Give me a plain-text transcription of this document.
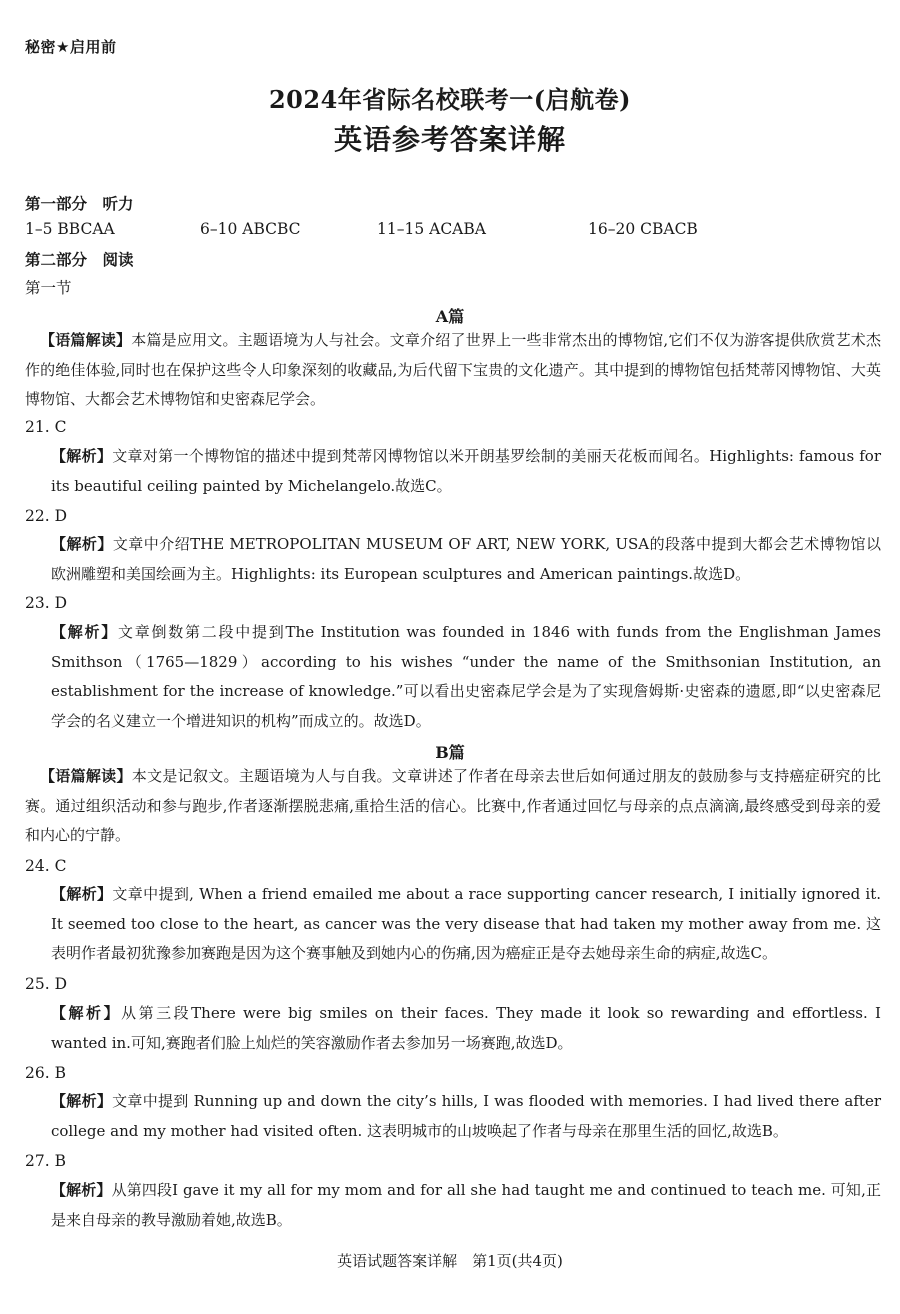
秘密★启用前
2024年省际名校联考一(启航卷)
英语参考答案详解
第一部分　听力
1–5 BBCAA	6–10 ABCBC	11–15 ACABA	16–20 CBACB
第二部分　阅读
第一节
A篇
【语篇解读】本篇是应用文。主题语境为人与社会。文章介绍了世界上一些非常杰出的博物馆,它们不仅为游客提供欣赏艺术杰作的绝佳体验,同时也在保护这些令人印象深刻的收藏品,为后代留下宝贵的文化遗产。其中提到的博物馆包括梵蒂冈博物馆、大英博物馆、大都会艺术博物馆和史密森尼学会。
21. C
【解析】文章对第一个博物馆的描述中提到梵蒂冈博物馆以米开朗基罗绘制的美丽天花板而闻名。Highlights: famous for its beautiful ceiling painted by Michelangelo.故选C。
22. D
【解析】文章中介绍THE METROPOLITAN MUSEUM OF ART, NEW YORK, USA的段落中提到大都会艺术博物馆以欧洲雕塑和美国绘画为主。Highlights: its European sculptures and American paintings.故选D。
23. D
【解析】文章倒数第二段中提到The Institution was founded in 1846 with funds from the Englishman James Smithson（1765—1829）according to his wishes “under the name of the Smithsonian Institution, an establishment for the increase of knowledge.”可以看出史密森尼学会是为了实现詹姆斯·史密森的遗愿,即“以史密森尼学会的名义建立一个增进知识的机构”而成立的。故选D。
B篇
【语篇解读】本文是记叙文。主题语境为人与自我。文章讲述了作者在母亲去世后如何通过朋友的鼓励参与支持癌症研究的比赛。通过组织活动和参与跑步,作者逐渐摆脱悲痛,重拾生活的信心。比赛中,作者通过回忆与母亲的点点滴滴,最终感受到母亲的爱和内心的宁静。
24. C
【解析】文章中提到, When a friend emailed me about a race supporting cancer research, I initially ignored it. It seemed too close to the heart, as cancer was the very disease that had taken my mother away from me. 这表明作者最初犹豫参加赛跑是因为这个赛事触及到她内心的伤痛,因为癌症正是夺去她母亲生命的病症,故选C。
25. D
【解析】从第三段There were big smiles on their faces. They made it look so rewarding and effortless. I wanted in.可知,赛跑者们脸上灿烂的笑容激励作者去参加另一场赛跑,故选D。
26. B
【解析】文章中提到 Running up and down the city’s hills, I was flooded with memories. I had lived there after college and my mother had visited often. 这表明城市的山坡唤起了作者与母亲在那里生活的回忆,故选B。
27. B
【解析】从第四段I gave it my all for my mom and for all she had taught me and continued to teach me. 可知,正是来自母亲的教导激励着她,故选B。
英语试题答案详解　第1页(共4页)
